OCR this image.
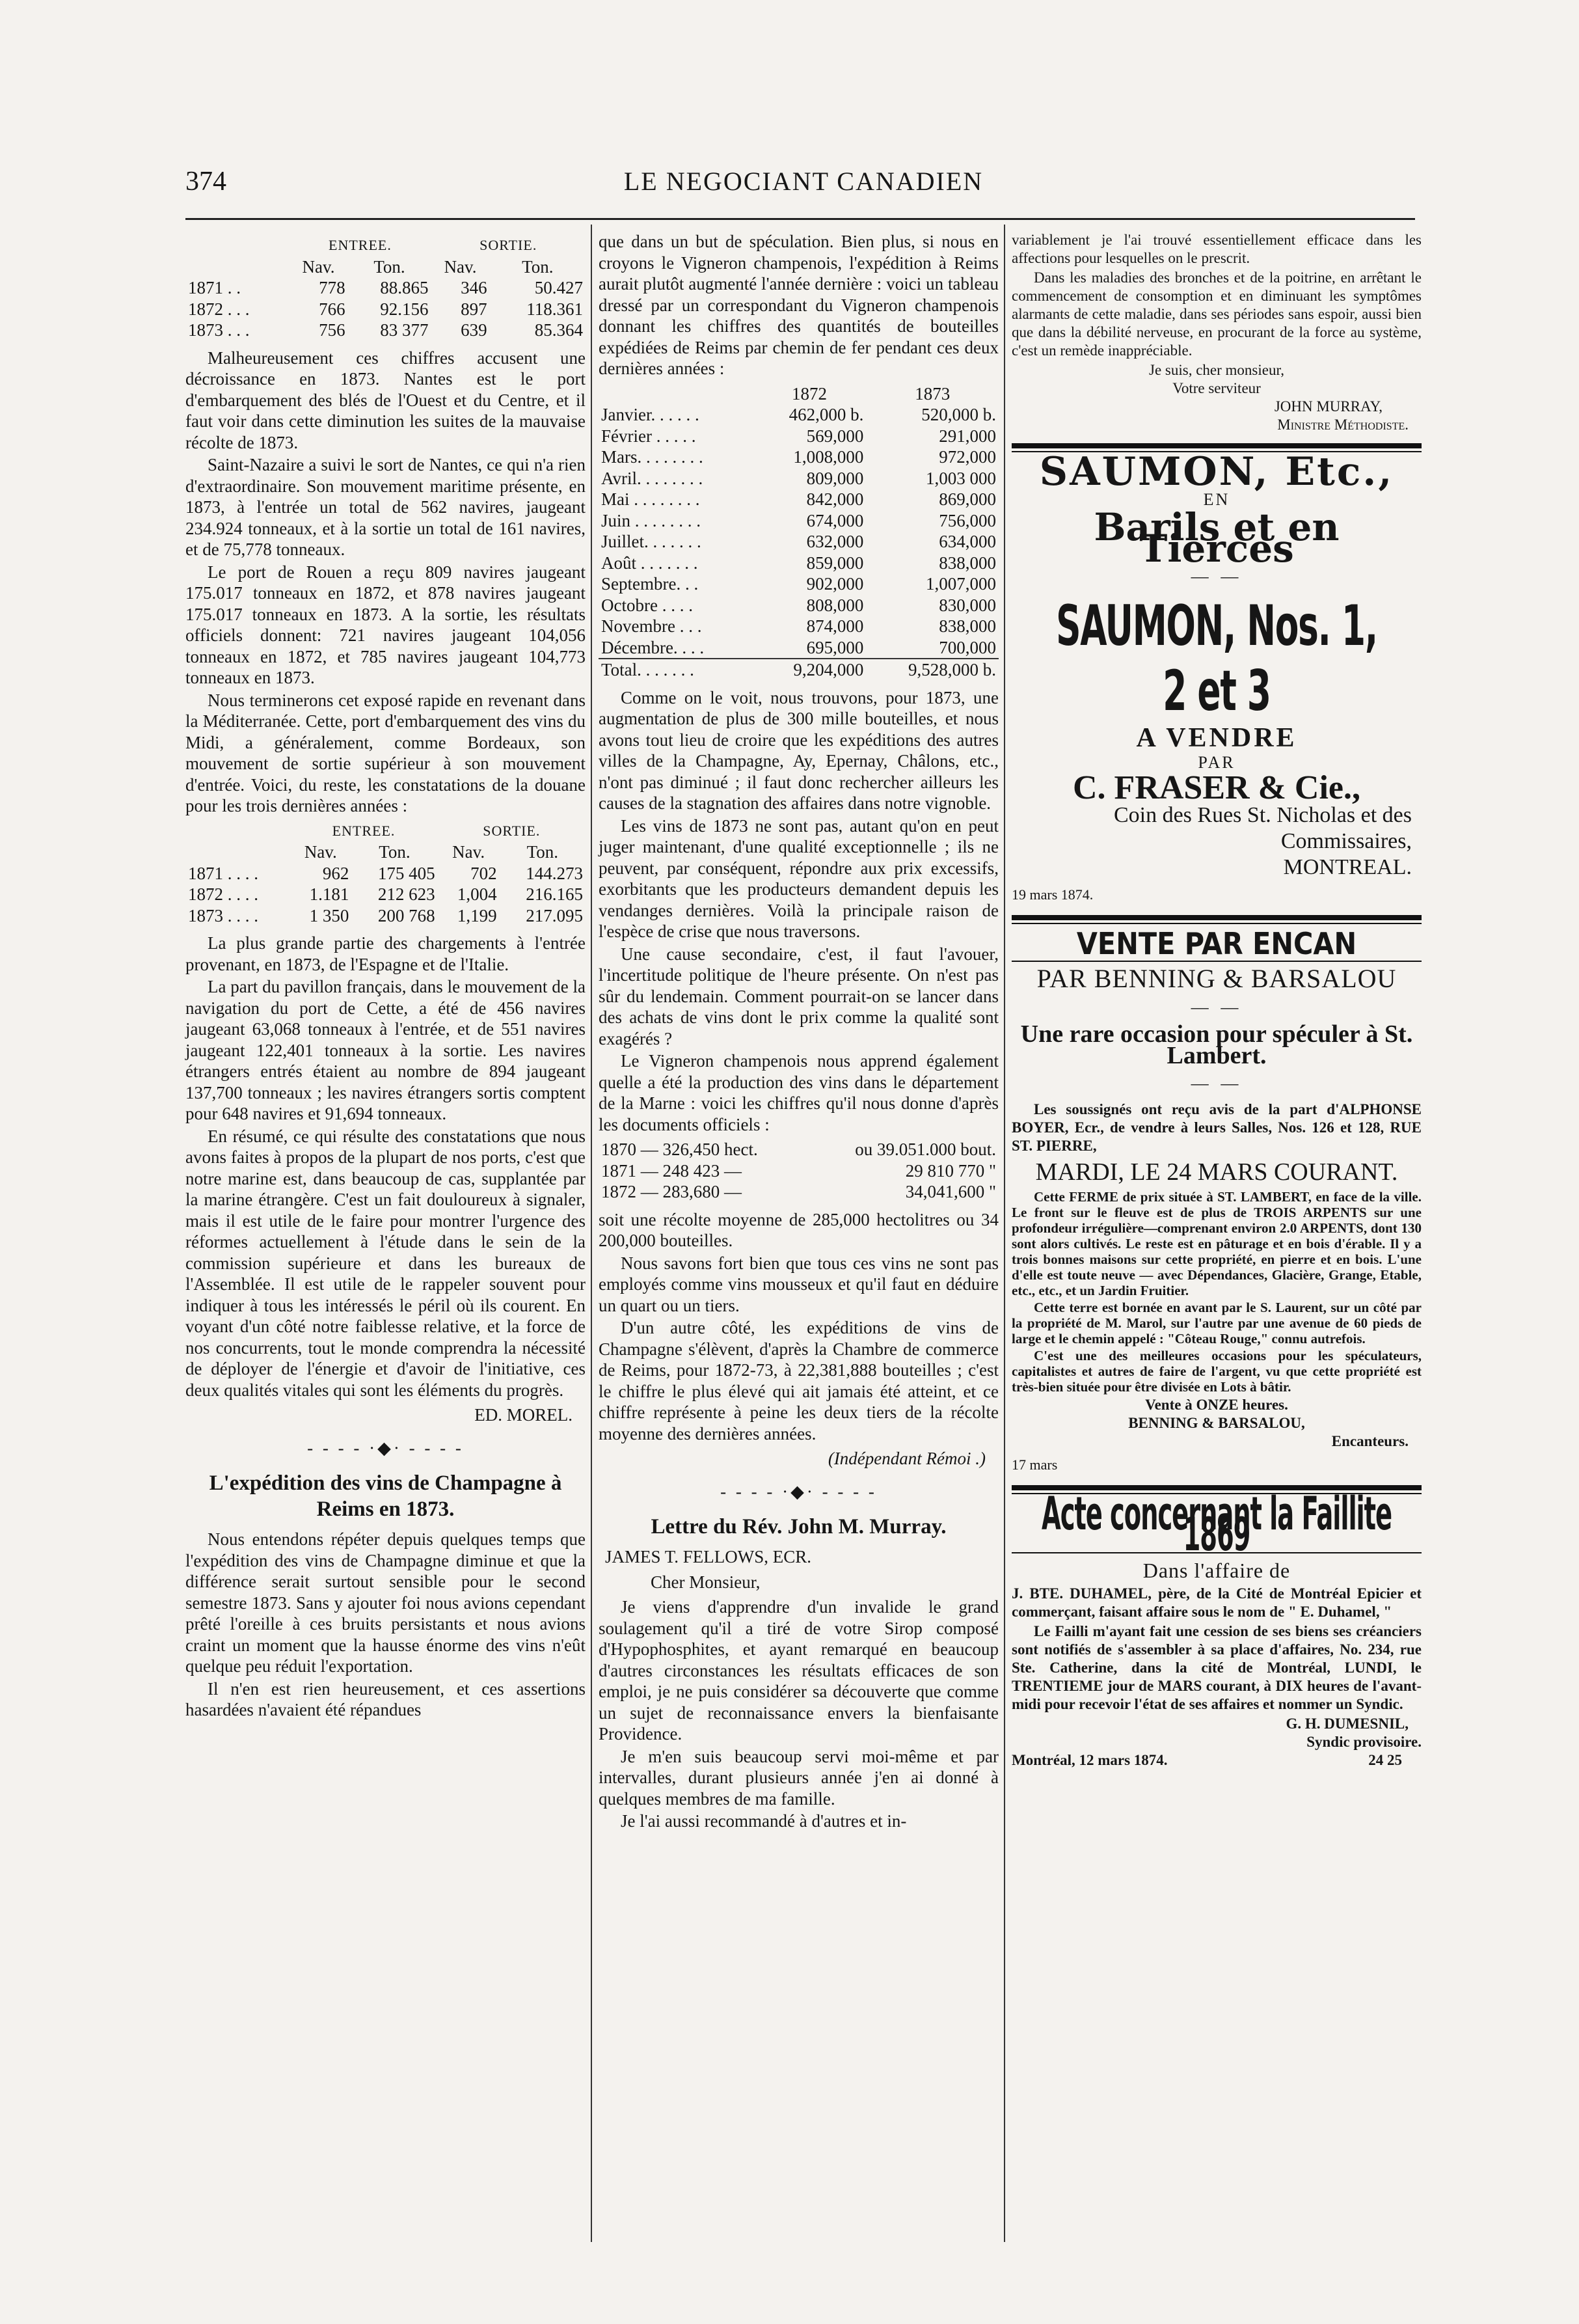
374	LE NEGOCIANT CANADIEN
	ENTREE.		SORTIE.	
	Nav.	Ton.	Nav.	Ton.
1871 . .	778	88.865	346	50.427
1872 . . .	766	92.156	897	118.361
1873 . . .	756	83 377	639	85.364

Malheureusement ces chiffres accusent une décroissance en 1873. Nantes est le port d'embarquement des blés de l'Ouest et du Centre, et il faut voir dans cette diminution les suites de la mauvaise récolte de 1873.

Saint-Nazaire a suivi le sort de Nantes, ce qui n'a rien d'extraordinaire. Son mouvement maritime présente, en 1873, à l'entrée un total de 562 navires, jaugeant 234.924 tonneaux, et à la sortie un total de 161 navires, et de 75,778 tonneaux.

Le port de Rouen a reçu 809 navires jaugeant 175.017 tonneaux en 1872, et 878 navires jaugeant 175.017 tonneaux en 1873. A la sortie, les résultats officiels donnent: 721 navires jaugeant 104,056 tonneaux en 1872, et 785 navires jaugeant 104,773 tonneaux en 1873.

Nous terminerons cet exposé rapide en revenant dans la Méditerranée. Cette, port d'embarquement des vins du Midi, a généralement, comme Bordeaux, son mouvement de sortie supérieur à son mouvement d'entrée. Voici, du reste, les constatations de la douane pour les trois dernières années :

	ENTREE.		SORTIE.	
	Nav.	Ton.	Nav.	Ton.
1871 . . . .	962	175 405	702	144.273
1872 . . . .	1.181	212 623	1,004	216.165
1873 . . . .	1 350	200 768	1,199	217.095

La plus grande partie des chargements à l'entrée provenant, en 1873, de l'Espagne et de l'Italie.

La part du pavillon français, dans le mouvement de la navigation du port de Cette, a été de 456 navires jaugeant 63,068 tonneaux à l'entrée, et de 551 navires jaugeant 122,401 tonneaux à la sortie. Les navires étrangers entrés étaient au nombre de 894 jaugeant 137,700 tonneaux ; les navires étrangers sortis comptent pour 648 navires et 91,694 tonneaux.

En résumé, ce qui résulte des constatations que nous avons faites à propos de la plupart de nos ports, c'est que notre marine est, dans beaucoup de cas, supplantée par la marine étrangère. C'est un fait douloureux à signaler, mais il est utile de le faire pour montrer l'urgence des réformes actuellement à l'étude dans le sein de la commission supérieure et dans les bureaux de l'Assemblée. Il est utile de le rappeler souvent pour indiquer à tous les intéressés le péril où ils courent. En voyant d'un côté notre faiblesse relative, et la force de nos concurrents, tout le monde comprendra la nécessité de déployer de l'énergie et d'avoir de l'initiative, ces deux qualités vitales qui sont les éléments du progrès.

ED. MOREL.
- - - - ·◆· - - - -
L'expédition des vins de Champagne à Reims en 1873.

Nous entendons répéter depuis quelques temps que l'expédition des vins de Champagne diminue et que la différence serait surtout sensible pour le second semestre 1873. Sans y ajouter foi nous avions cependant prêté l'oreille à ces bruits persistants et nous avions craint un moment que la hausse énorme des vins n'eût quelque peu réduit l'exportation.

Il n'en est rien heureusement, et ces assertions hasardées n'avaient été répandues

que dans un but de spéculation. Bien plus, si nous en croyons le Vigneron champenois, l'expédition à Reims aurait plutôt augmenté l'année dernière : voici un tableau dressé par un correspondant du Vigneron champenois donnant les chiffres des quantités de bouteilles expédiées de Reims par chemin de fer pendant ces deux dernières années :

	1872	1873
Janvier. . . . . .	462,000 b.	520,000 b.
Février . . . . .	569,000	291,000
Mars. . . . . . . .	1,008,000	972,000
Avril. . . . . . . .	809,000	1,003 000
Mai . . . . . . . .	842,000	869,000
Juin . . . . . . . .	674,000	756,000
Juillet. . . . . . .	632,000	634,000
Août . . . . . . .	859,000	838,000
Septembre. . .	902,000	1,007,000
Octobre . . . .	808,000	830,000
Novembre . . .	874,000	838,000
Décembre. . . .	695,000	700,000
Total. . . . . . .	9,204,000	9,528,000 b.

Comme on le voit, nous trouvons, pour 1873, une augmentation de plus de 300 mille bouteilles, et nous avons tout lieu de croire que les expéditions des autres villes de la Champagne, Ay, Epernay, Châlons, etc., n'ont pas diminué ; il faut donc rechercher ailleurs les causes de la stagnation des affaires dans notre vignoble.

Les vins de 1873 ne sont pas, autant qu'on en peut juger maintenant, d'une qualité exceptionnelle ; ils ne peuvent, par conséquent, répondre aux prix excessifs, exorbitants que les producteurs demandent depuis les vendanges dernières. Voilà la principale raison de l'espèce de crise que nous traversons.

Une cause secondaire, c'est, il faut l'avouer, l'incertitude politique de l'heure présente. On n'est pas sûr du lendemain. Comment pourrait-on se lancer dans des achats de vins dont le prix comme la qualité sont exagérés ?

Le Vigneron champenois nous apprend également quelle a été la production des vins dans le département de la Marne : voici les chiffres qu'il nous donne d'après les documents officiels :

1870 — 326,450 hect.	ou 39.051.000 bout.
1871 — 248 423 —	29 810 770 "
1872 — 283,680 —	34,041,600 "

soit une récolte moyenne de 285,000 hectolitres ou 34 200,000 bouteilles.

Nous savons fort bien que tous ces vins ne sont pas employés comme vins mousseux et qu'il faut en déduire un quart ou un tiers.

D'un autre côté, les expéditions de vins de Champagne s'élèvent, d'après la Chambre de commerce de Reims, pour 1872-73, à 22,381,888 bouteilles ; c'est le chiffre le plus élevé qui ait jamais été atteint, et ce chiffre représente à peine les deux tiers de la récolte moyenne des dernières années.

(Indépendant Rémoi .)
- - - - ·◆· - - - -
Lettre du Rév. John M. Murray.
JAMES T. FELLOWS, ECR.
Cher Monsieur,

Je viens d'apprendre d'un invalide le grand soulagement qu'il a tiré de votre Sirop composé d'Hypophosphites, et ayant remarqué en beaucoup d'autres circonstances les résultats efficaces de son emploi, je ne puis considérer sa découverte que comme un sujet de reconnaissance envers la bienfaisante Providence.

Je m'en suis beaucoup servi moi-même et par intervalles, durant plusieurs année j'en ai donné à quelques membres de ma famille.

Je l'ai aussi recommandé à d'autres et in-

variablement je l'ai trouvé essentiellement efficace dans les affections pour lesquelles on le prescrit.

Dans les maladies des bronches et de la poitrine, en arrêtant le commencement de consomption et en diminuant les symptômes alarmants de cette maladie, dans ses périodes sans espoir, aussi bien que dans la débilité nerveuse, en procurant de la force au système, c'est un remède inappréciable.

Je suis, cher monsieur,
Votre serviteur
JOHN MURRAY,
Ministre Méthodiste.
SAUMON, Etc.,
EN
Barils et en Tierces
— —
SAUMON, Nos. 1, 2 et 3
A VENDRE
PAR
C. FRASER & Cie.,
Coin des Rues St. Nicholas et des
Commissaires,
MONTREAL.
19 mars 1874.
VENTE PAR ENCAN
PAR BENNING & BARSALOU
— —
Une rare occasion pour spéculer à St. Lambert.
— —

Les soussignés ont reçu avis de la part d'ALPHONSE BOYER, Ecr., de vendre à leurs Salles, Nos. 126 et 128, RUE ST. PIERRE,

MARDI, LE 24 MARS COURANT.

Cette FERME de prix située à ST. LAMBERT, en face de la ville. Le front sur le fleuve est de plus de TROIS ARPENTS sur une profondeur irrégulière—comprenant environ 2.0 ARPENTS, dont 130 sont alors cultivés. Le reste est en pâturage et en bois d'érable. Il y a trois bonnes maisons sur cette propriété, en pierre et en bois. L'une d'elle est toute neuve — avec Dépendances, Glacière, Grange, Etable, etc., etc., et un Jardin Fruitier.

Cette terre est bornée en avant par le S. Laurent, sur un côté par la propriété de M. Marol, sur l'autre par une avenue de 60 pieds de large et le chemin appelé : "Côteau Rouge," connu autrefois.

C'est une des meilleures occasions pour les spéculateurs, capitalistes et autres de faire de l'argent, vu que cette propriété est très-bien située pour être divisée en Lots à bâtir.

Vente à ONZE heures.
BENNING & BARSALOU,
Encanteurs.
17 mars
Acte concernant la Faillite 1869
Dans l'affaire de

J. BTE. DUHAMEL, père, de la Cité de Montréal Epicier et commerçant, faisant affaire sous le nom de " E. Duhamel, "

Le Failli m'ayant fait une cession de ses biens ses créanciers sont notifiés de s'assembler à sa place d'affaires, No. 234, rue Ste. Catherine, dans la cité de Montréal, LUNDI, le TRENTIEME jour de MARS courant, à DIX heures de l'avant-midi pour recevoir l'état de ses affaires et nommer un Syndic.

G. H. DUMESNIL,
Syndic provisoire.
Montréal, 12 mars 1874.	24 25
